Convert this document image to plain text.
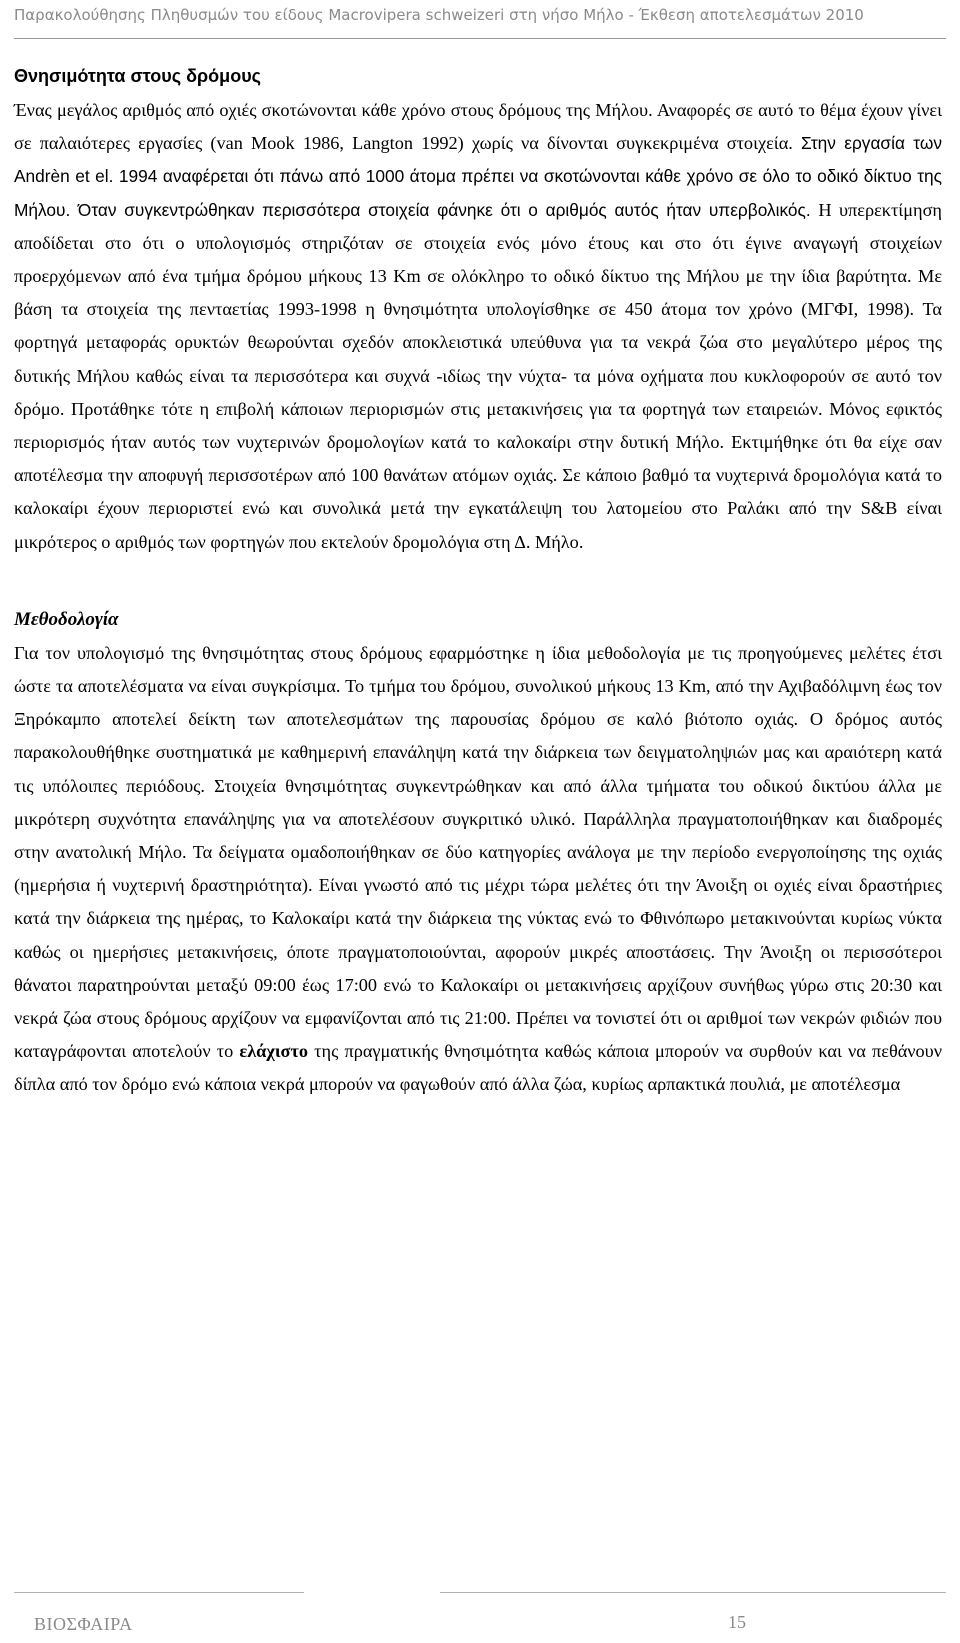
Παρακολούθησης Πληθυσμών του είδους Macrovipera schweizeri στη νήσο Μήλο - Έκθεση αποτελεσμάτων 2010
Θνησιμότητα στους δρόμους

Ένας μεγάλος αριθμός από οχιές σκοτώνονται κάθε χρόνο στους δρόμους της Μήλου. Αναφορές σε αυτό το θέμα έχουν γίνει σε παλαιότερες εργασίες (van Mook 1986, Langton 1992) χωρίς να δίνονται συγκεκριμένα στοιχεία. Στην εργασία των Andrèn et el. 1994 αναφέρεται ότι πάνω από 1000 άτομα πρέπει να σκοτώνονται κάθε χρόνο σε όλο το οδικό δίκτυο της Μήλου. Όταν συγκεντρώθηκαν περισσότερα στοιχεία φάνηκε ότι ο αριθμός αυτός ήταν υπερβολικός. Η υπερεκτίμηση αποδίδεται στο ότι ο υπολογισμός στηριζόταν σε στοιχεία ενός μόνο έτους και στο ότι έγινε αναγωγή στοιχείων προερχόμενων από ένα τμήμα δρόμου μήκους 13 Km σε ολόκληρο το οδικό δίκτυο της Μήλου με την ίδια βαρύτητα. Με βάση τα στοιχεία της πενταετίας 1993-1998 η θνησιμότητα υπολογίσθηκε σε 450 άτομα τον χρόνο (ΜΓΦΙ, 1998). Τα φορτηγά μεταφοράς ορυκτών θεωρούνται σχεδόν αποκλειστικά υπεύθυνα για τα νεκρά ζώα στο μεγαλύτερο μέρος της δυτικής Μήλου καθώς είναι τα περισσότερα και συχνά -ιδίως την νύχτα- τα μόνα οχήματα που κυκλοφορούν σε αυτό τον δρόμο. Προτάθηκε τότε η επιβολή κάποιων περιορισμών στις μετακινήσεις για τα φορτηγά των εταιρειών. Μόνος εφικτός περιορισμός ήταν αυτός των νυχτερινών δρομολογίων κατά το καλοκαίρι στην δυτική Μήλο. Εκτιμήθηκε ότι θα είχε σαν αποτέλεσμα την αποφυγή περισσοτέρων από 100 θανάτων ατόμων οχιάς. Σε κάποιο βαθμό τα νυχτερινά δρομολόγια κατά το καλοκαίρι έχουν περιοριστεί ενώ και συνολικά μετά την εγκατάλειψη του λατομείου στο Ραλάκι από την S&B είναι μικρότερος ο αριθμός των φορτηγών που εκτελούν δρομολόγια στη Δ. Μήλο.

Μεθοδολογία

Για τον υπολογισμό της θνησιμότητας στους δρόμους εφαρμόστηκε η ίδια μεθοδολογία με τις προηγούμενες μελέτες έτσι ώστε τα αποτελέσματα να είναι συγκρίσιμα. Το τμήμα του δρόμου, συνολικού μήκους 13 Km, από την Αχιβαδόλιμνη έως τον Ξηρόκαμπο αποτελεί δείκτη των αποτελεσμάτων της παρουσίας δρόμου σε καλό βιότοπο οχιάς. Ο δρόμος αυτός παρακολουθήθηκε συστηματικά με καθημερινή επανάληψη κατά την διάρκεια των δειγματοληψιών μας και αραιότερη κατά τις υπόλοιπες περιόδους. Στοιχεία θνησιμότητας συγκεντρώθηκαν και από άλλα τμήματα του οδικού δικτύου άλλα με μικρότερη συχνότητα επανάληψης για να αποτελέσουν συγκριτικό υλικό. Παράλληλα πραγματοποιήθηκαν και διαδρομές στην ανατολική Μήλο. Τα δείγματα ομαδοποιήθηκαν σε δύο κατηγορίες ανάλογα με την περίοδο ενεργοποίησης της οχιάς (ημερήσια ή νυχτερινή δραστηριότητα). Είναι γνωστό από τις μέχρι τώρα μελέτες ότι την Άνοιξη οι οχιές είναι δραστήριες κατά την διάρκεια της ημέρας, το Καλοκαίρι κατά την διάρκεια της νύκτας ενώ το Φθινόπωρο μετακινούνται κυρίως νύκτα καθώς οι ημερήσιες μετακινήσεις, όποτε πραγματοποιούνται, αφορούν μικρές αποστάσεις. Την Άνοιξη οι περισσότεροι θάνατοι παρατηρούνται μεταξύ 09:00 έως 17:00 ενώ το Καλοκαίρι οι μετακινήσεις αρχίζουν συνήθως γύρω στις 20:30 και νεκρά ζώα στους δρόμους αρχίζουν να εμφανίζονται από τις 21:00. Πρέπει να τονιστεί ότι οι αριθμοί των νεκρών φιδιών που καταγράφονται αποτελούν το ελάχιστο της πραγματικής θνησιμότητα καθώς κάποια μπορούν να συρθούν και να πεθάνουν δίπλα από τον δρόμο ενώ κάποια νεκρά μπορούν να φαγωθούν από άλλα ζώα, κυρίως αρπακτικά πουλιά, με αποτέλεσμα

ΒΙΟΣΦΑΙΡΑ	15
